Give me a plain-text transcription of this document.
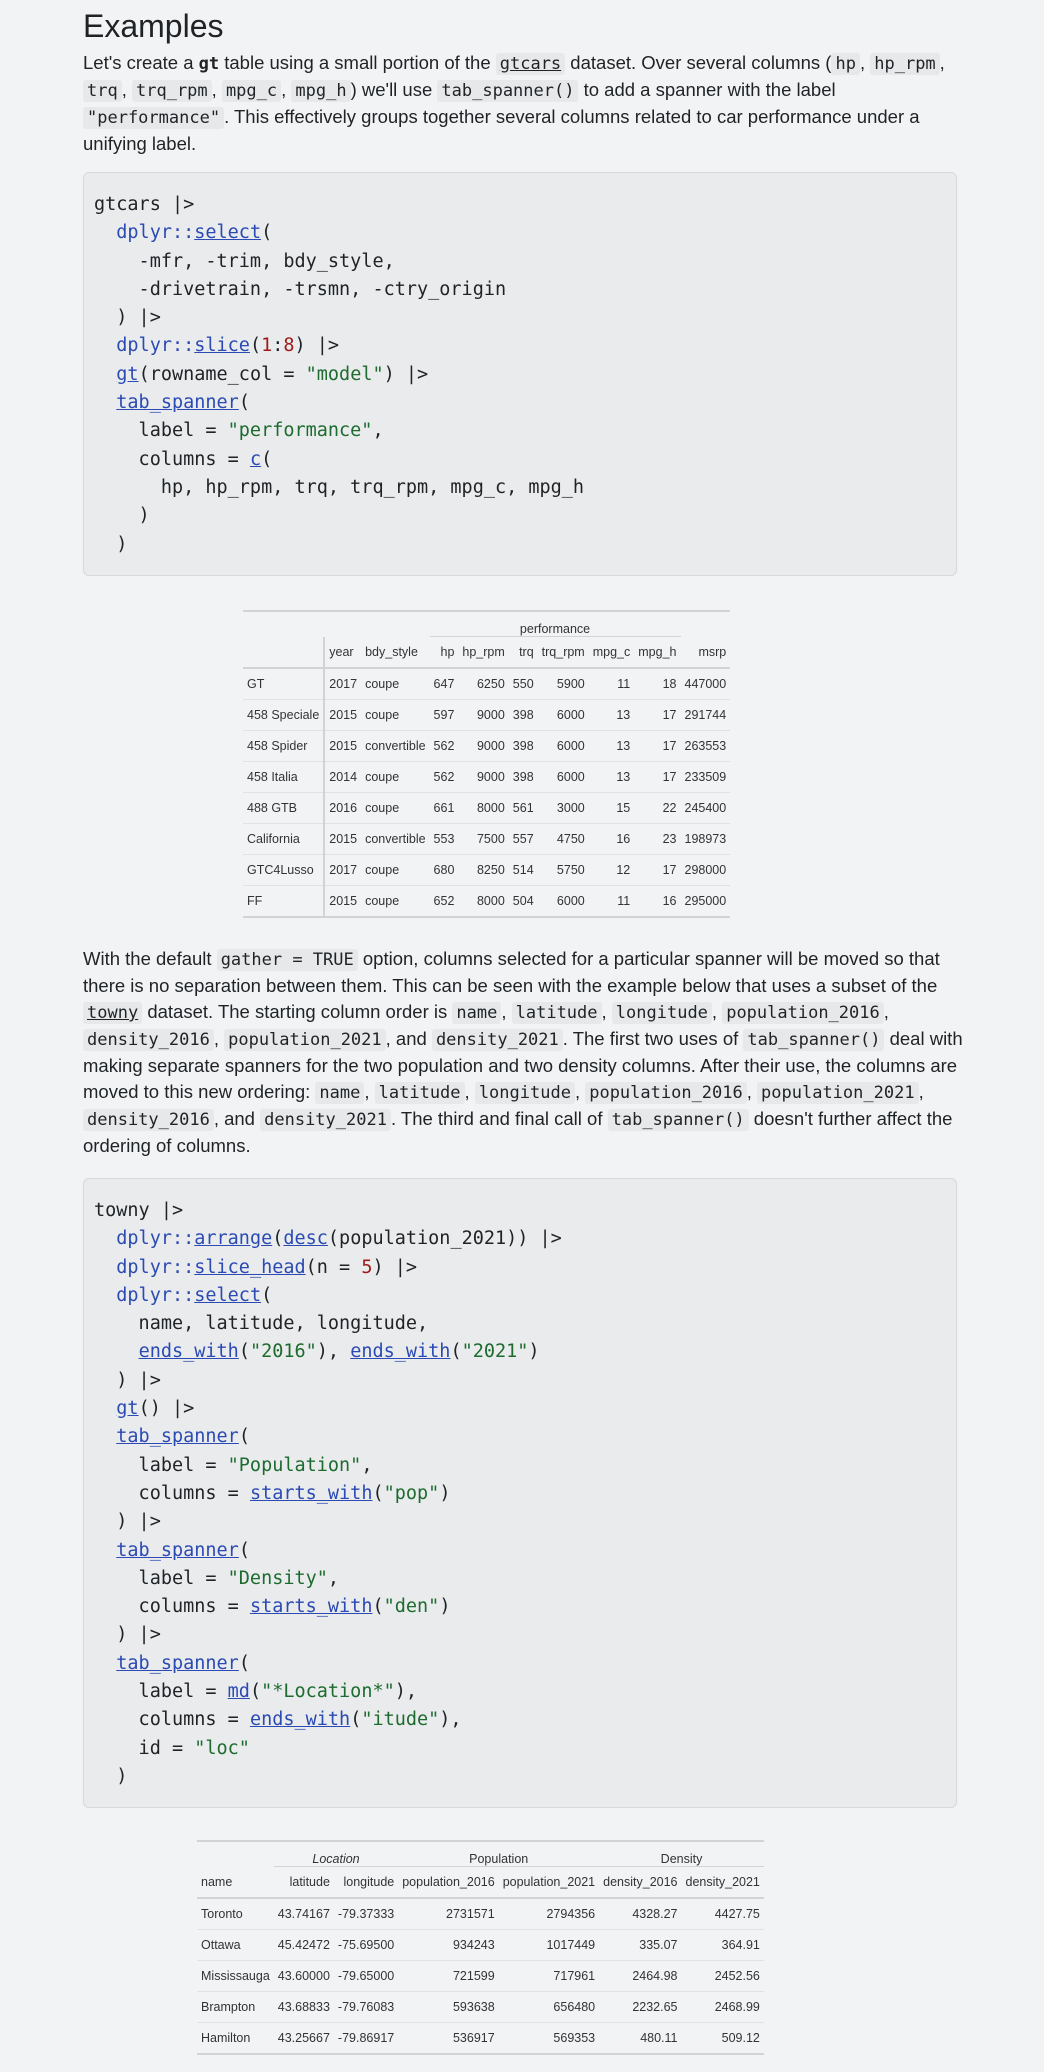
Examples

Let's create a gt table using a small portion of the gtcars dataset. Over several columns ( hp , hp_rpm , trq , trq_rpm , mpg_c , mpg_h ) we'll use tab_spanner() to add a spanner with the label "performance" . This effectively groups together several columns related to car performance under a unifying label.

gtcars |>
dplyr::select(
-mfr, -trim, bdy_style,
-drivetrain, -trsmn, -ctry_origin
) |>
dplyr::slice(1:8) |>
gt(rowname_col = "model") |>
tab_spanner(
label = "performance",
columns = c(
hp, hp_rpm, trq, trq_rpm, mpg_c, mpg_h
)
)
			performance						
	year	bdy_style	hp	hp_rpm	trq	trq_rpm	mpg_c	mpg_h	msrp
GT	2017	coupe	647	6250	550	5900	11	18	447000
458 Speciale	2015	coupe	597	9000	398	6000	13	17	291744
458 Spider	2015	convertible	562	9000	398	6000	13	17	263553
458 Italia	2014	coupe	562	9000	398	6000	13	17	233509
488 GTB	2016	coupe	661	8000	561	3000	15	22	245400
California	2015	convertible	553	7500	557	4750	16	23	198973
GTC4Lusso	2017	coupe	680	8250	514	5750	12	17	298000
FF	2015	coupe	652	8000	504	6000	11	16	295000

With the default gather = TRUE option, columns selected for a particular spanner will be moved so that there is no separation between them. This can be seen with the example below that uses a subset of the towny dataset. The starting column order is name , latitude , longitude , population_2016 , density_2016 , population_2021 , and density_2021 . The first two uses of tab_spanner() deal with making separate spanners for the two population and two density columns. After their use, the columns are moved to this new ordering: name , latitude , longitude , population_2016 , population_2021 , density_2016 , and density_2021 . The third and final call of tab_spanner() doesn't further affect the ordering of columns.

towny |>
dplyr::arrange(desc(population_2021)) |>
dplyr::slice_head(n = 5) |>
dplyr::select(
name, latitude, longitude,
ends_with("2016"), ends_with("2021")
) |>
gt() |>
tab_spanner(
label = "Population",
columns = starts_with("pop")
) |>
tab_spanner(
label = "Density",
columns = starts_with("den")
) |>
tab_spanner(
label = md("*Location*"),
columns = ends_with("itude"),
id = "loc"
)
	Location		Population		Density	
name	latitude	longitude	population_2016	population_2021	density_2016	density_2021
Toronto	43.74167	-79.37333	2731571	2794356	4328.27	4427.75
Ottawa	45.42472	-75.69500	934243	1017449	335.07	364.91
Mississauga	43.60000	-79.65000	721599	717961	2464.98	2452.56
Brampton	43.68833	-79.76083	593638	656480	2232.65	2468.99
Hamilton	43.25667	-79.86917	536917	569353	480.11	509.12
